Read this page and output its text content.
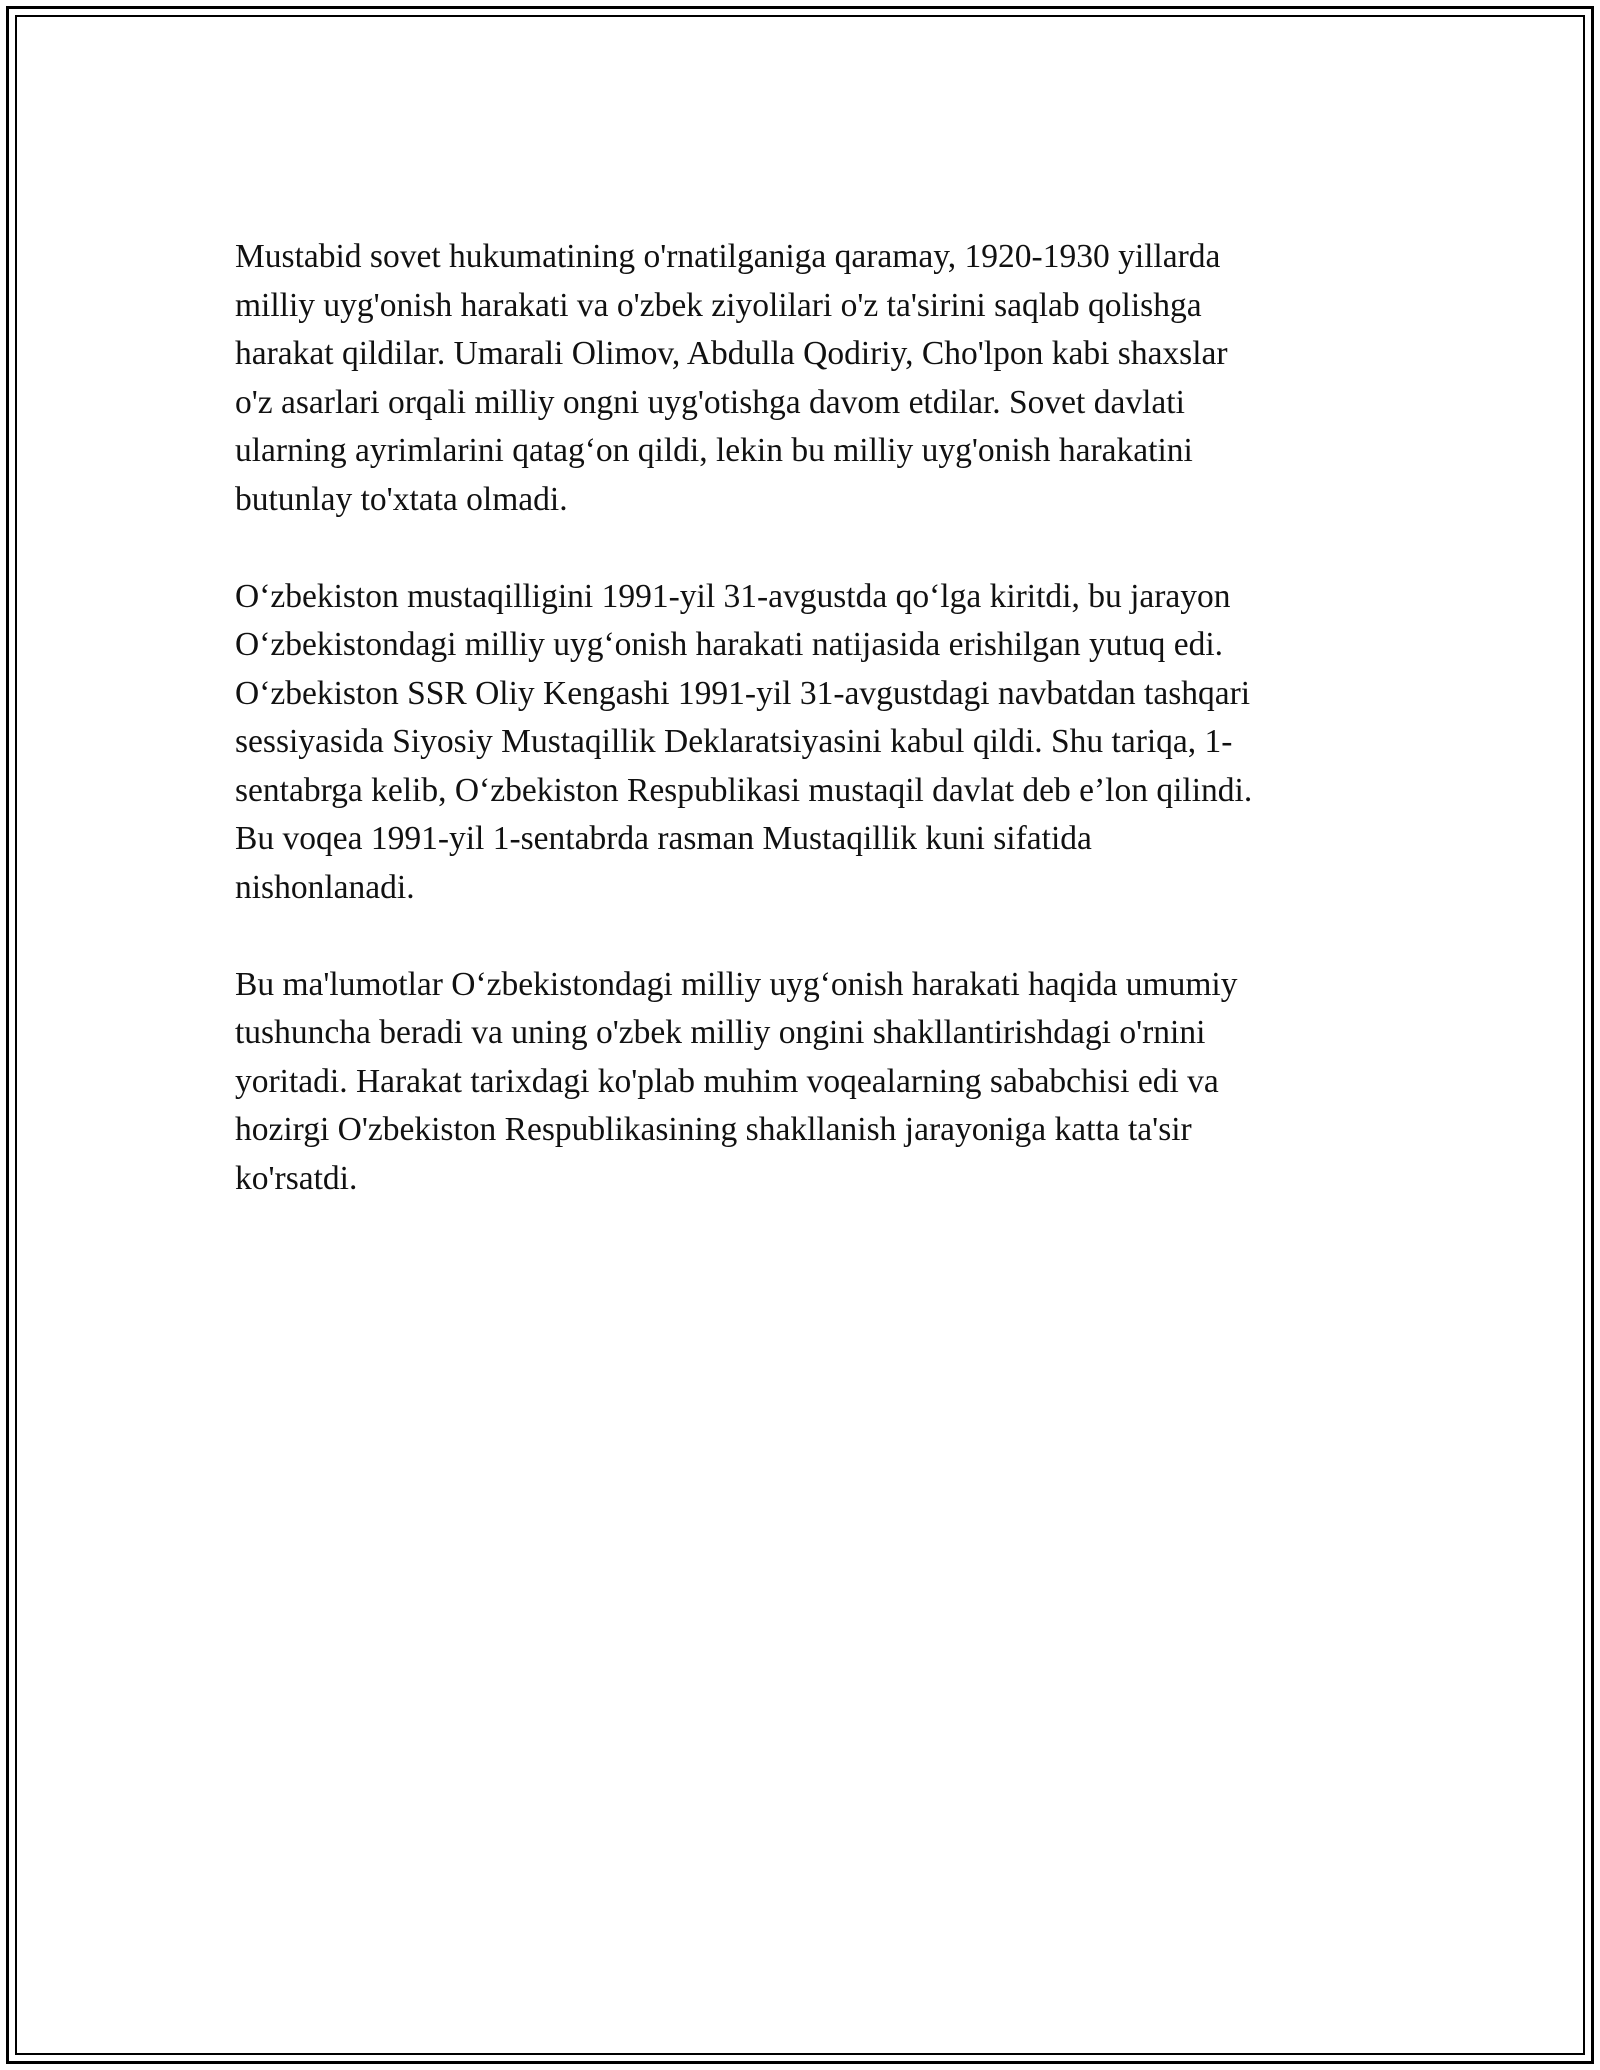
Mustabid sovet hukumatining o'rnatilganiga qaramay, 1920-1930 yillarda
milliy uyg'onish harakati va o'zbek ziyolilari o'z ta'sirini saqlab qolishga
harakat qildilar. Umarali Olimov, Abdulla Qodiriy, Cho'lpon kabi shaxslar
o'z asarlari orqali milliy ongni uyg'otishga davom etdilar. Sovet davlati
ularning ayrimlarini qatag‘on qildi, lekin bu milliy uyg'onish harakatini
butunlay to'xtata olmadi.

O‘zbekiston mustaqilligini 1991-yil 31-avgustda qo‘lga kiritdi, bu jarayon
O‘zbekistondagi milliy uyg‘onish harakati natijasida erishilgan yutuq edi.
O‘zbekiston SSR Oliy Kengashi 1991-yil 31-avgustdagi navbatdan tashqari
sessiyasida Siyosiy Mustaqillik Deklaratsiyasini kabul qildi. Shu tariqa, 1-
sentabrga kelib, O‘zbekiston Respublikasi mustaqil davlat deb e’lon qilindi.
Bu voqea 1991-yil 1-sentabrda rasman Mustaqillik kuni sifatida
nishonlanadi.

Bu ma'lumotlar O‘zbekistondagi milliy uyg‘onish harakati haqida umumiy
tushuncha beradi va uning o'zbek milliy ongini shakllantirishdagi o'rnini
yoritadi. Harakat tarixdagi ko'plab muhim voqealarning sababchisi edi va
hozirgi O'zbekiston Respublikasining shakllanish jarayoniga katta ta'sir
ko'rsatdi.
